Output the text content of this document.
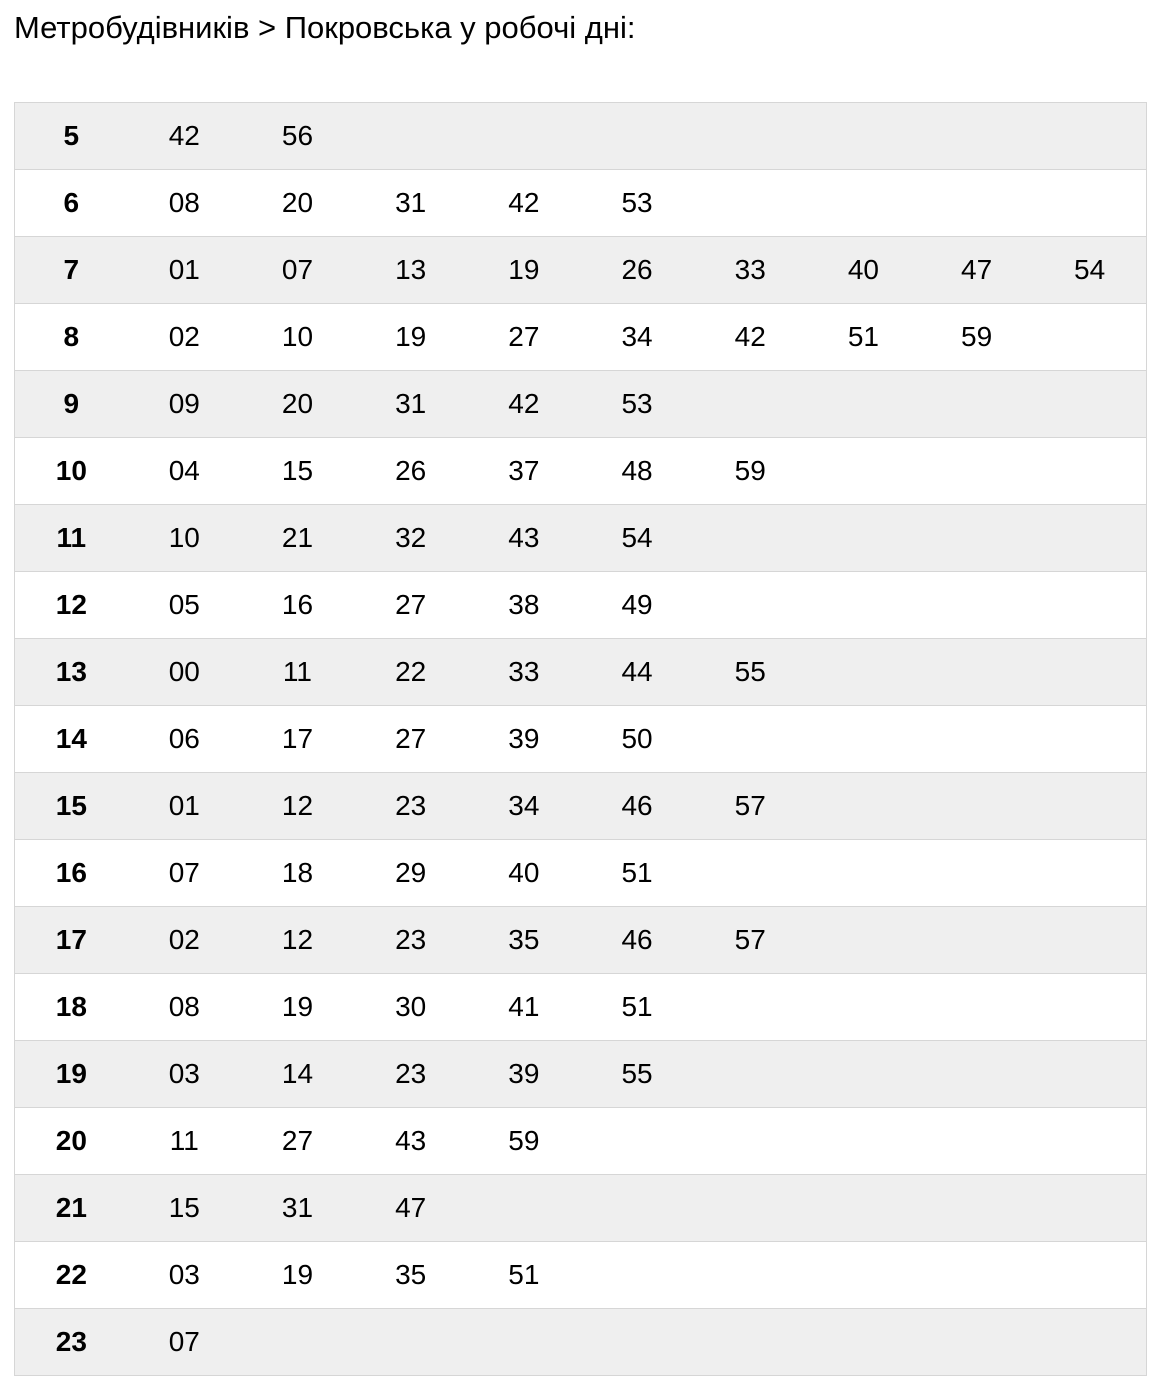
Метробудівників > Покровська у робочі дні:
5	42	56							
6	08	20	31	42	53				
7	01	07	13	19	26	33	40	47	54
8	02	10	19	27	34	42	51	59	
9	09	20	31	42	53				
10	04	15	26	37	48	59			
11	10	21	32	43	54				
12	05	16	27	38	49				
13	00	11	22	33	44	55			
14	06	17	27	39	50				
15	01	12	23	34	46	57			
16	07	18	29	40	51				
17	02	12	23	35	46	57			
18	08	19	30	41	51				
19	03	14	23	39	55				
20	11	27	43	59					
21	15	31	47						
22	03	19	35	51					
23	07								
